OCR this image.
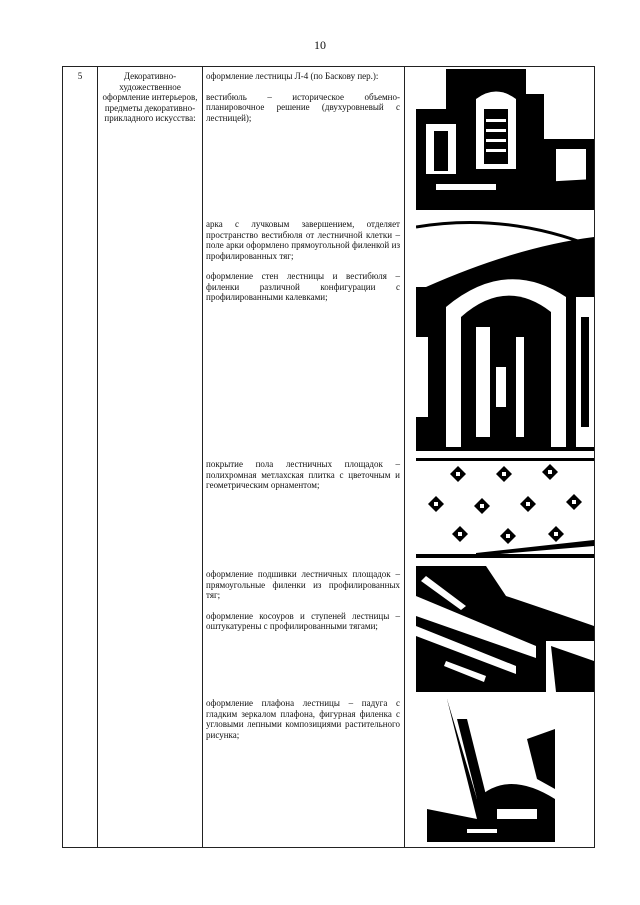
10
5	Декоративно-художественное оформление интерьеров, предметы декоративно-прикладного искусства:

оформление лестницы Л-4 (по Баскову пер.):

вестибюль – историческое объемно-планировочное решение (двухуровневый с лестницей);

арка с лучковым завершением, отделяет пространство вестибюля от лестничной клетки – поле арки оформлено прямоугольной филенкой из профилированных тяг;

оформление стен лестницы и вестибюля – филенки различной конфигурации с профилированными калевками;

покрытие пола лестничных площадок – полихромная метлахская плитка с цветочным и геометрическим орнаментом;

оформление подшивки лестничных площадок – прямоугольные филенки из профилированных тяг;

оформление косоуров и ступеней лестницы – оштукатурены с профилированными тягами;

оформление плафона лестницы – падуга с гладким зеркалом плафона, фигурная филенка с угловыми лепными композициями растительного рисунка;
